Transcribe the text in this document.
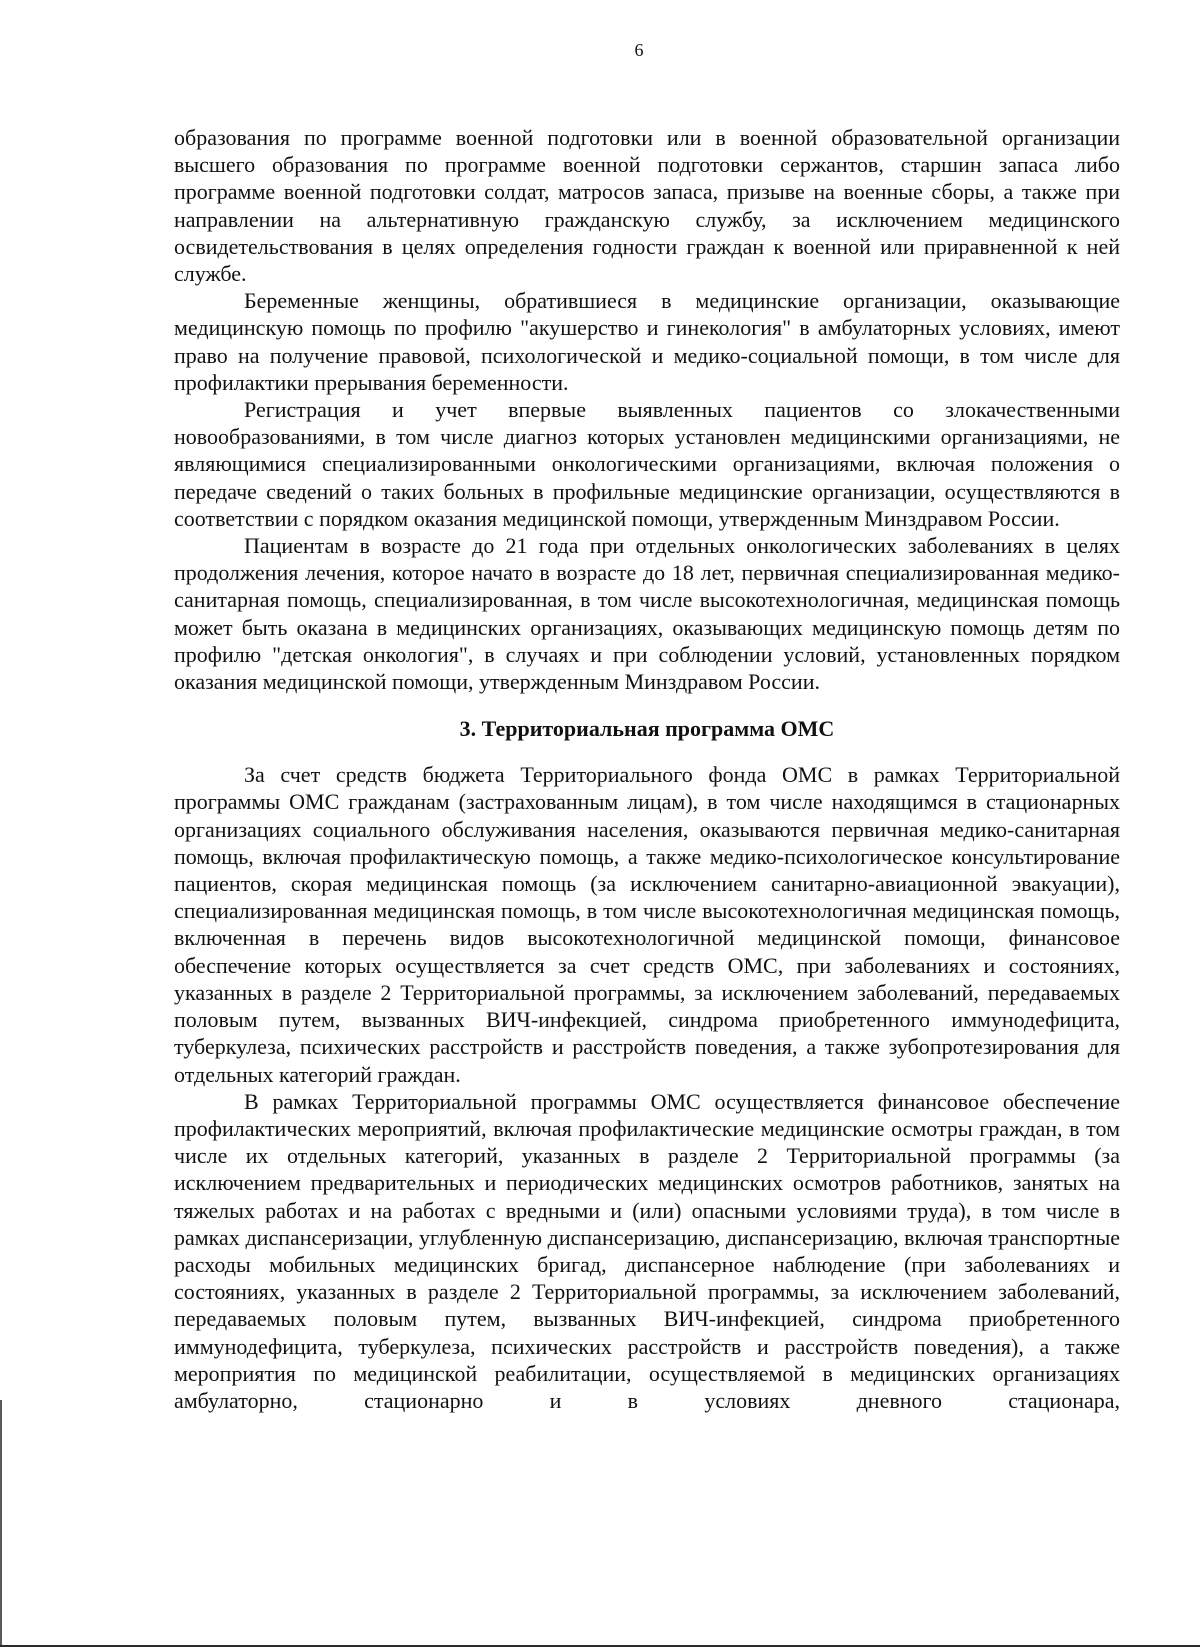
6

образования по программе военной подготовки или в военной образовательной организации высшего образования по программе военной подготовки сержантов, старшин запаса либо программе военной подготовки солдат, матросов запаса, призыве на военные сборы, а также при направлении на альтернативную гражданскую службу, за исключением медицинского освидетельствования в целях определения годности граждан к военной или приравненной к ней службе.

Беременные женщины, обратившиеся в медицинские организации, оказывающие медицинскую помощь по профилю "акушерство и гинекология" в амбулаторных условиях, имеют право на получение правовой, психологической и медико-социальной помощи, в том числе для профилактики прерывания беременности.

Регистрация и учет впервые выявленных пациентов со злокачественными новообразованиями, в том числе диагноз которых установлен медицинскими организациями, не являющимися специализированными онкологическими организациями, включая положения о передаче сведений о таких больных в профильные медицинские организации, осуществляются в соответствии с порядком оказания медицинской помощи, утвержденным Минздравом России.

Пациентам в возрасте до 21 года при отдельных онкологических заболеваниях в целях продолжения лечения, которое начато в возрасте до 18 лет, первичная специализированная медико-санитарная помощь, специализированная, в том числе высокотехнологичная, медицинская помощь может быть оказана в медицинских организациях, оказывающих медицинскую помощь детям по профилю "детская онкология", в случаях и при соблюдении условий, установленных порядком оказания медицинской помощи, утвержденным Минздравом России.

3. Территориальная программа ОМС

За счет средств бюджета Территориального фонда ОМС в рамках Территориальной программы ОМС гражданам (застрахованным лицам), в том числе находящимся в стационарных организациях социального обслуживания населения, оказываются первичная медико-санитарная помощь, включая профилактическую помощь, а также медико-психологическое консультирование пациентов, скорая медицинская помощь (за исключением санитарно-авиационной эвакуации), специализированная медицинская помощь, в том числе высокотехнологичная медицинская помощь, включенная в перечень видов высокотехнологичной медицинской помощи, финансовое обеспечение которых осуществляется за счет средств ОМС, при заболеваниях и состояниях, указанных в разделе 2 Территориальной программы, за исключением заболеваний, передаваемых половым путем, вызванных ВИЧ-инфекцией, синдрома приобретенного иммунодефицита, туберкулеза, психических расстройств и расстройств поведения, а также зубопротезирования для отдельных категорий граждан.

В рамках Территориальной программы ОМС осуществляется финансовое обеспечение профилактических мероприятий, включая профилактические медицинские осмотры граждан, в том числе их отдельных категорий, указанных в разделе 2 Территориальной программы (за исключением предварительных и периодических медицинских осмотров работников, занятых на тяжелых работах и на работах с вредными и (или) опасными условиями труда), в том числе в рамках диспансеризации, углубленную диспансеризацию, диспансеризацию, включая транспортные расходы мобильных медицинских бригад, диспансерное наблюдение (при заболеваниях и состояниях, указанных в разделе 2 Территориальной программы, за исключением заболеваний, передаваемых половым путем, вызванных ВИЧ-инфекцией, синдрома приобретенного иммунодефицита, туберкулеза, психических расстройств и расстройств поведения), а также мероприятия по медицинской реабилитации, осуществляемой в медицинских организациях амбулаторно, стационарно и в условиях дневного стационара,
